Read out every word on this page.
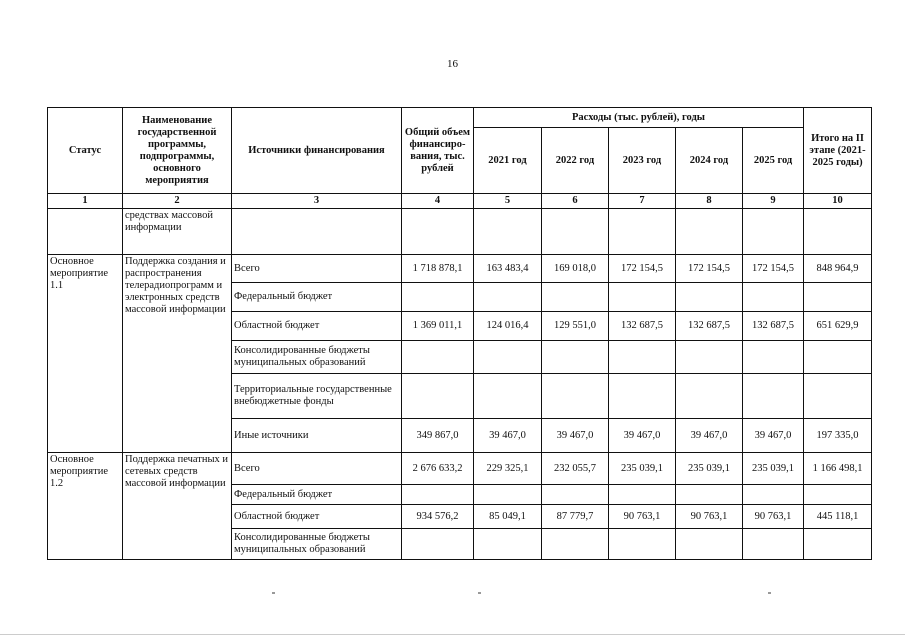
16
Статус	Наименование государственной программы, подпрограммы, основного мероприятия	Источники финансирования	Общий объем финансиро-вания, тыс. рублей	Расходы (тыс. рублей), годы					Итого на II этапе (2021-2025 годы)
				2021 год	2022 год	2023 год	2024 год	2025 год	
1	2	3	4	5	6	7	8	9	10
	средствах массовой информации								
Основное мероприятие 1.1	Поддержка создания и распространения телерадиопрограмм и электронных средств массовой информации	Всего	1 718 878,1	163 483,4	169 018,0	172 154,5	172 154,5	172 154,5	848 964,9
		Федеральный бюджет							
		Областной бюджет	1 369 011,1	124 016,4	129 551,0	132 687,5	132 687,5	132 687,5	651 629,9
		Консолидированные бюджеты муниципальных образований							
		Территориальные государственные внебюджетные фонды							
		Иные источники	349 867,0	39 467,0	39 467,0	39 467,0	39 467,0	39 467,0	197 335,0
Основное мероприятие 1.2	Поддержка печатных и сетевых средств массовой информации	Всего	2 676 633,2	229 325,1	232 055,7	235 039,1	235 039,1	235 039,1	1 166 498,1
		Федеральный бюджет							
		Областной бюджет	934 576,2	85 049,1	87 779,7	90 763,1	90 763,1	90 763,1	445 118,1
		Консолидированные бюджеты муниципальных образований							
